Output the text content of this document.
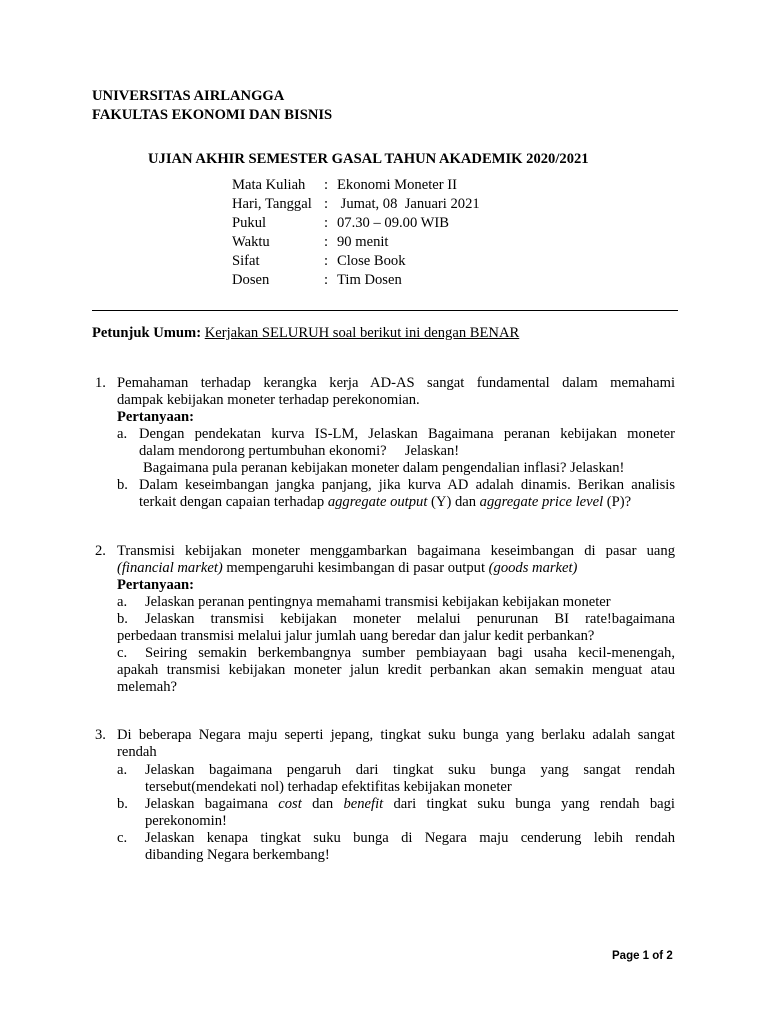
UNIVERSITAS AIRLANGGA
FAKULTAS EKONOMI DAN BISNIS
UJIAN AKHIR SEMESTER GASAL TAHUN AKADEMIK 2020/2021
Mata Kuliah : Ekonomi Moneter II
Hari, Tanggal : Jumat, 08  Januari 2021
Pukul	: 07.30 – 09.00 WIB
Waktu	: 90 menit
Sifat	: Close Book
Dosen	: Tim Dosen
Petunjuk Umum: Kerjakan SELURUH soal berikut ini dengan BENAR
1. Pemahaman terhadap kerangka kerja AD-AS sangat fundamental dalam memahami
dampak kebijakan moneter terhadap perekonomian.
Pertanyaan:
a. Dengan pendekatan kurva IS-LM, Jelaskan Bagaimana peranan kebijakan moneter
dalam mendorong pertumbuhan ekonomi?     Jelaskan!
Bagaimana pula peranan kebijakan moneter dalam pengendalian inflasi? Jelaskan!
b. Dalam keseimbangan jangka panjang, jika kurva AD adalah dinamis. Berikan analisis
terkait dengan capaian terhadap aggregate output (Y) dan aggregate price level (P)?
2. Transmisi kebijakan moneter menggambarkan bagaimana keseimbangan di pasar uang
(financial market) mempengaruhi kesimbangan di pasar output (goods market)
Pertanyaan:
a. Jelaskan peranan pentingnya memahami transmisi kebijakan kebijakan moneter
b. Jelaskan transmisi kebijakan moneter melalui penurunan BI rate!bagaimana
perbedaan transmisi melalui jalur jumlah uang beredar dan jalur kedit perbankan?
c. Seiring semakin berkembangnya sumber pembiayaan bagi usaha kecil-menengah,
apakah transmisi kebijakan moneter jalun kredit perbankan akan semakin menguat atau
melemah?
3. Di beberapa Negara maju seperti jepang, tingkat suku bunga yang berlaku adalah sangat
rendah
a. Jelaskan bagaimana pengaruh dari tingkat suku bunga yang sangat rendah
tersebut(mendekati nol) terhadap efektifitas kebijakan moneter
b. Jelaskan bagaimana cost dan benefit dari tingkat suku bunga yang rendah bagi
perekonomin!
c. Jelaskan kenapa tingkat suku bunga di Negara maju cenderung lebih rendah
dibanding Negara berkembang!
Page 1 of 2
